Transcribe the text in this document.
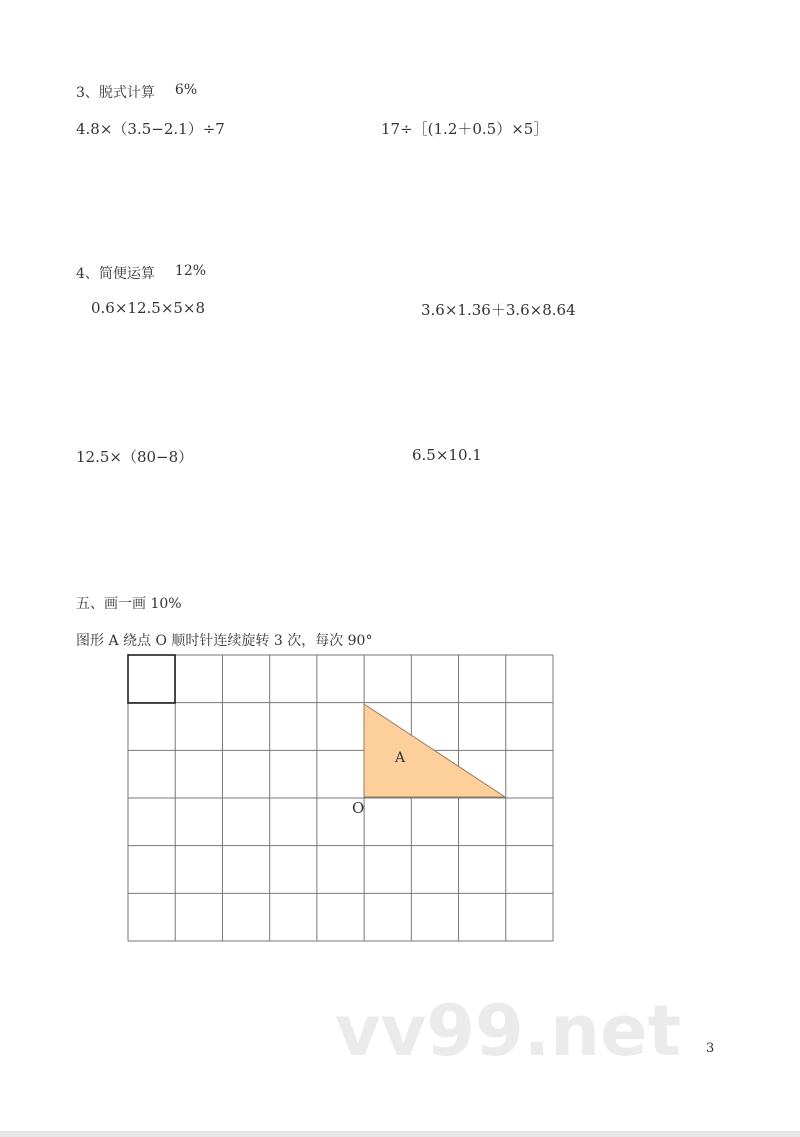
3、脱式计算 6%
4.8×（3.5−2.1）÷7	17÷［(1.2＋0.5）×5］
4、简便运算 12%
0.6×12.5×5×8	3.6×1.36＋3.6×8.64
12.5×（80−8）	6.5×10.1
五、画一画 10%
图形 A 绕点 O 顺时针连续旋转 3 次，每次 90°
A
O
vv99.net 3
